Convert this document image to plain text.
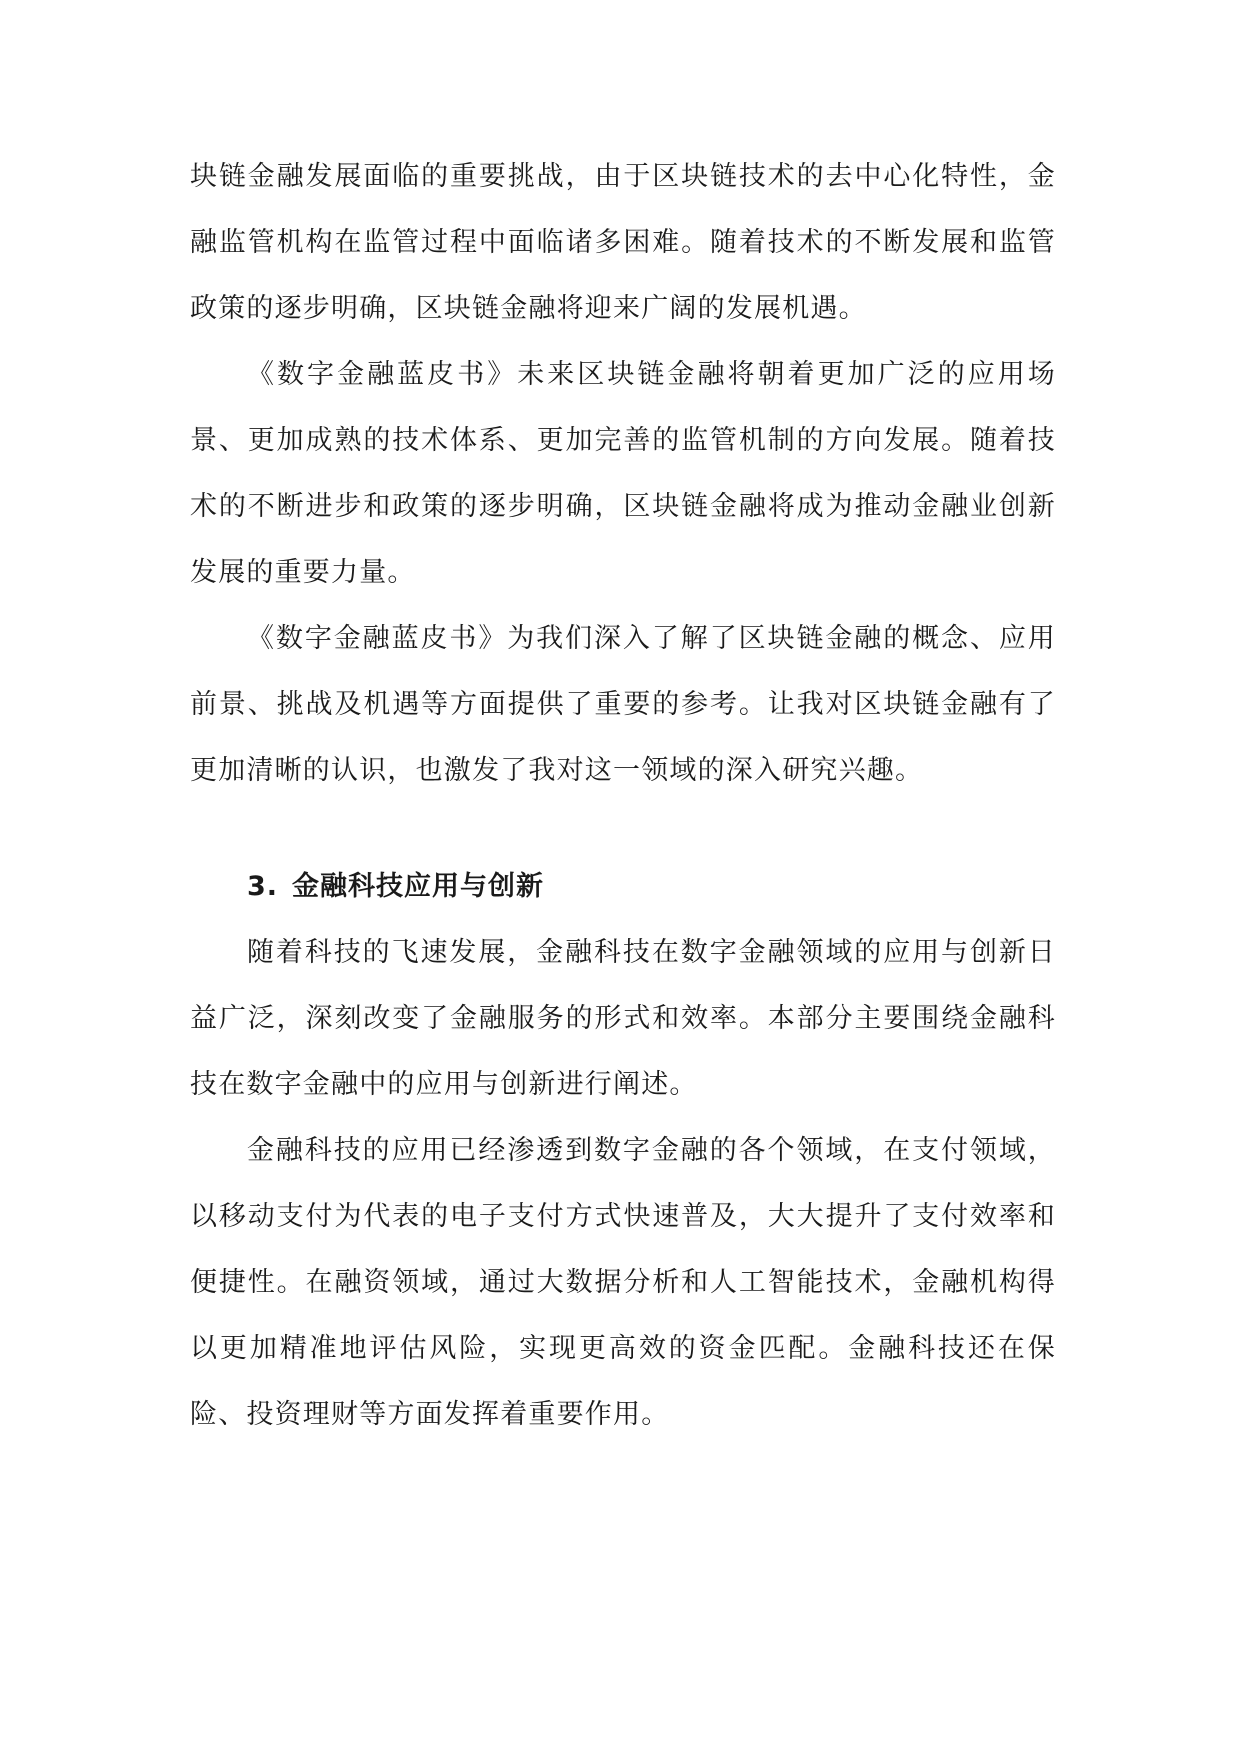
块链金融发展面临的重要挑战，由于区块链技术的去中心化特性，金融监管机构在监管过程中面临诸多困难。随着技术的不断发展和监管政策的逐步明确，区块链金融将迎来广阔的发展机遇。

《数字金融蓝皮书》未来区块链金融将朝着更加广泛的应用场景、更加成熟的技术体系、更加完善的监管机制的方向发展。随着技术的不断进步和政策的逐步明确，区块链金融将成为推动金融业创新发展的重要力量。

《数字金融蓝皮书》为我们深入了解了区块链金融的概念、应用前景、挑战及机遇等方面提供了重要的参考。让我对区块链金融有了更加清晰的认识，也激发了我对这一领域的深入研究兴趣。

3. 金融科技应用与创新

随着科技的飞速发展，金融科技在数字金融领域的应用与创新日益广泛，深刻改变了金融服务的形式和效率。本部分主要围绕金融科技在数字金融中的应用与创新进行阐述。

金融科技的应用已经渗透到数字金融的各个领域，在支付领域，以移动支付为代表的电子支付方式快速普及，大大提升了支付效率和便捷性。在融资领域，通过大数据分析和人工智能技术，金融机构得以更加精准地评估风险，实现更高效的资金匹配。金融科技还在保险、投资理财等方面发挥着重要作用。
